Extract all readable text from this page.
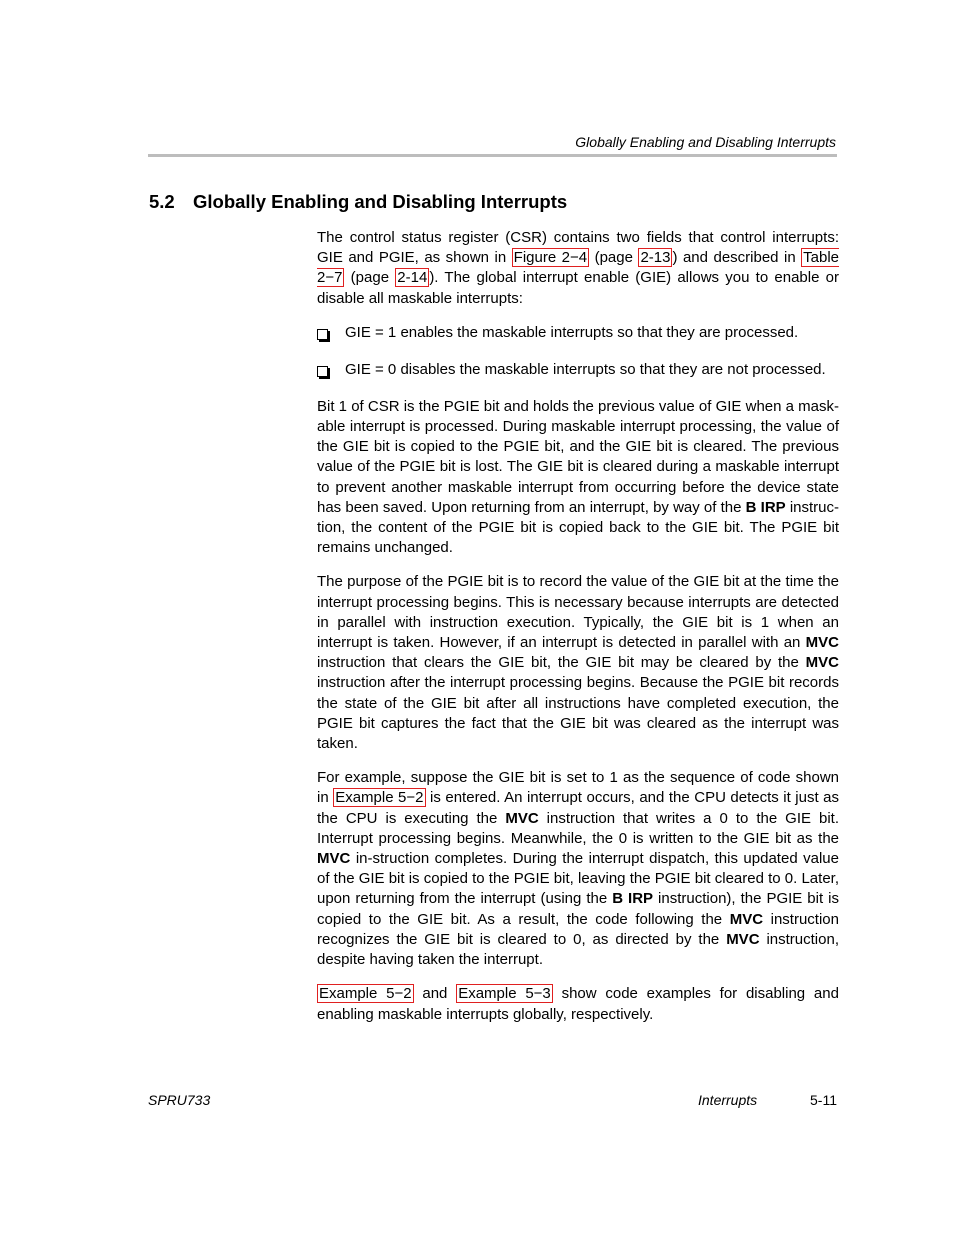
Globally Enabling and Disabling Interrupts
5.2 Globally Enabling and Disabling Interrupts

The control status register (CSR) contains two fields that control interrupts: GIE and PGIE, as shown in Figure 2−4 (page 2-13 ) and described in Table 2−7 (page 2-14 ). The global interrupt enable (GIE) allows you to enable or disable all maskable interrupts:

GIE = 1 enables the maskable interrupts so that they are processed.
GIE = 0 disables the maskable interrupts so that they are not processed.

Bit 1 of CSR is the PGIE bit and holds the previous value of GIE when a mask-able interrupt is processed. During maskable interrupt processing, the value of the GIE bit is copied to the PGIE bit, and the GIE bit is cleared. The previous value of the PGIE bit is lost. The GIE bit is cleared during a maskable interrupt to prevent another maskable interrupt from occurring before the device state has been saved. Upon returning from an interrupt, by way of the B IRP instruc-tion, the content of the PGIE bit is copied back to the GIE bit. The PGIE bit remains unchanged.

The purpose of the PGIE bit is to record the value of the GIE bit at the time the interrupt processing begins. This is necessary because interrupts are detected in parallel with instruction execution. Typically, the GIE bit is 1 when an interrupt is taken. However, if an interrupt is detected in parallel with an MVC instruction that clears the GIE bit, the GIE bit may be cleared by the MVC instruction after the interrupt processing begins. Because the PGIE bit records the state of the GIE bit after all instructions have completed execution, the PGIE bit captures the fact that the GIE bit was cleared as the interrupt was taken.

For example, suppose the GIE bit is set to 1 as the sequence of code shown in Example 5−2 is entered. An interrupt occurs, and the CPU detects it just as the CPU is executing the MVC instruction that writes a 0 to the GIE bit. Interrupt processing begins. Meanwhile, the 0 is written to the GIE bit as the MVC in-struction completes. During the interrupt dispatch, this updated value of the GIE bit is copied to the PGIE bit, leaving the PGIE bit cleared to 0. Later, upon returning from the interrupt (using the B IRP instruction), the PGIE bit is copied to the GIE bit. As a result, the code following the MVC instruction recognizes the GIE bit is cleared to 0, as directed by the MVC instruction, despite having taken the interrupt.

Example 5−2 and Example 5−3 show code examples for disabling and enabling maskable interrupts globally, respectively.

SPRU733	Interrupts	5-11
